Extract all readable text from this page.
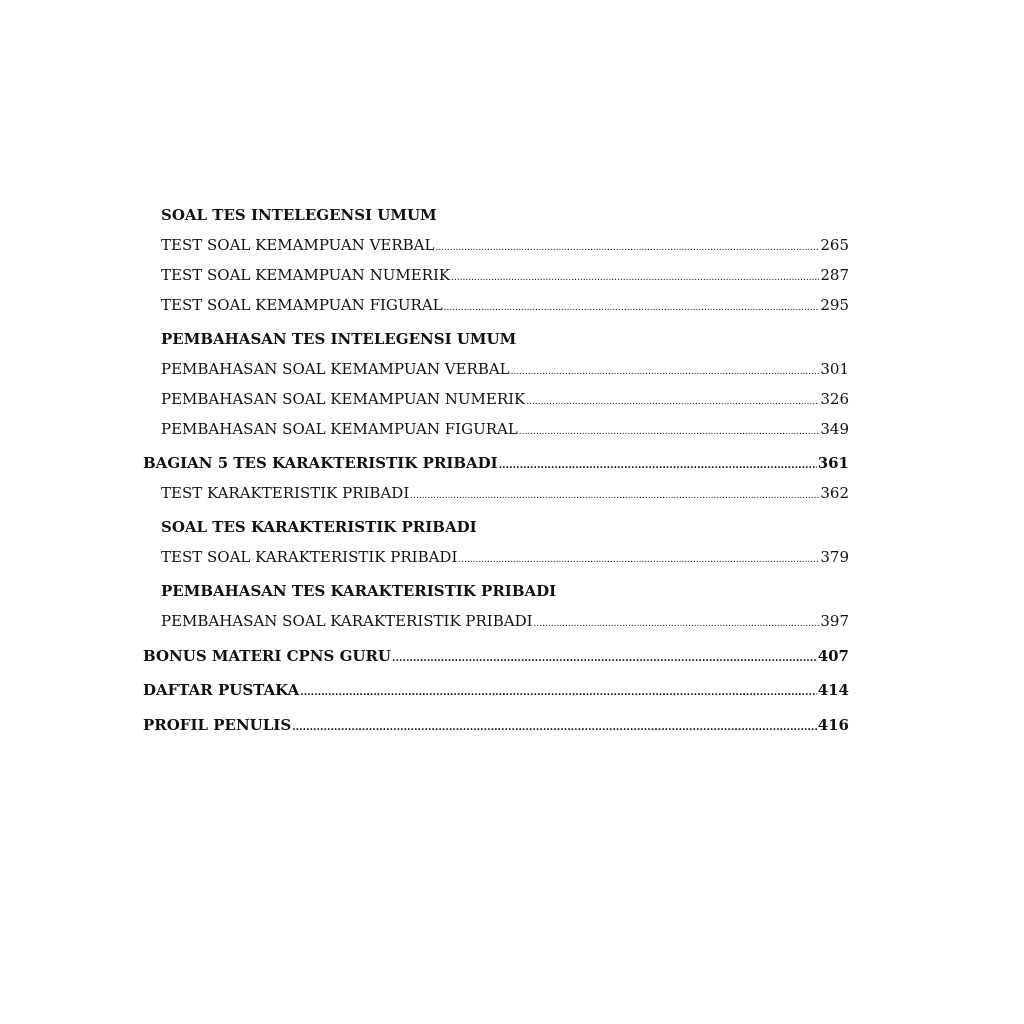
SOAL TES INTELEGENSI UMUM
TEST SOAL KEMAMPUAN VERBAL .....	265
TEST SOAL KEMAMPUAN NUMERIK .....	287
TEST SOAL KEMAMPUAN FIGURAL .....	295
PEMBAHASAN TES INTELEGENSI UMUM
PEMBAHASAN SOAL KEMAMPUAN VERBAL .....	301
PEMBAHASAN SOAL KEMAMPUAN NUMERIK .....	326
PEMBAHASAN SOAL KEMAMPUAN FIGURAL .....	349
BAGIAN 5 TES KARAKTERISTIK PRIBADI .....	361
TEST KARAKTERISTIK PRIBADI .....	362
SOAL TES KARAKTERISTIK PRIBADI
TEST SOAL KARAKTERISTIK PRIBADI .....	379
PEMBAHASAN TES KARAKTERISTIK PRIBADI
PEMBAHASAN SOAL KARAKTERISTIK PRIBADI .....	397
BONUS MATERI CPNS GURU .....	407
DAFTAR PUSTAKA .....	414
PROFIL PENULIS .....	416
